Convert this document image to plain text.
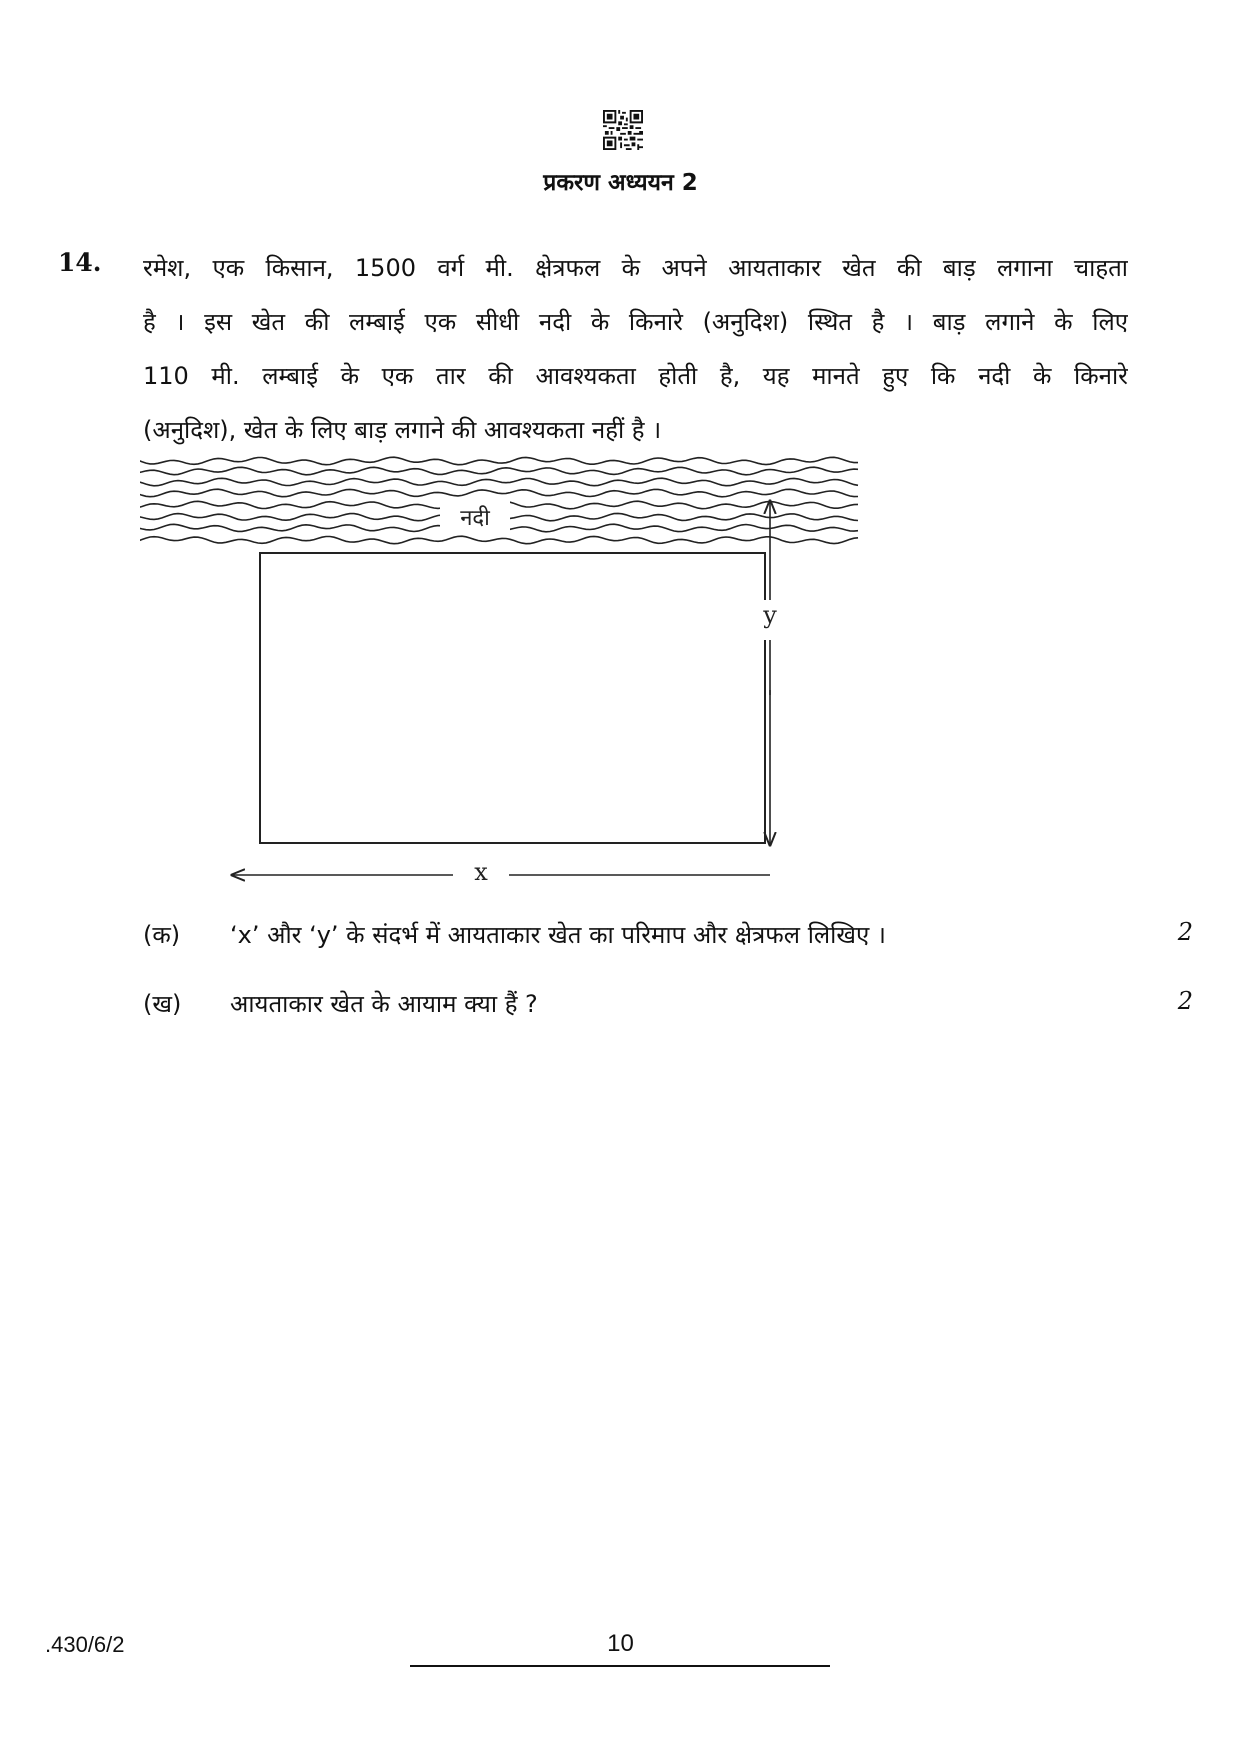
प्रकरण अध्ययन 2
14. रमेश, एक किसान, 1500 वर्ग मी. क्षेत्रफल के अपने आयताकार खेत की बाड़ लगाना चाहता
है । इस खेत की लम्बाई एक सीधी नदी के किनारे (अनुदिश) स्थित है । बाड़ लगाने के लिए
110 मी. लम्बाई के एक तार की आवश्यकता होती है, यह मानते हुए कि नदी के किनारे
(अनुदिश), खेत के लिए बाड़ लगाने की आवश्यकता नहीं है ।
नदी
x
y
(क) ‘x’ और ‘y’ के संदर्भ में आयताकार खेत का परिमाप और क्षेत्रफल लिखिए ।	2
(ख) आयताकार खेत के आयाम क्या हैं ?	2
.430/6/2	10
